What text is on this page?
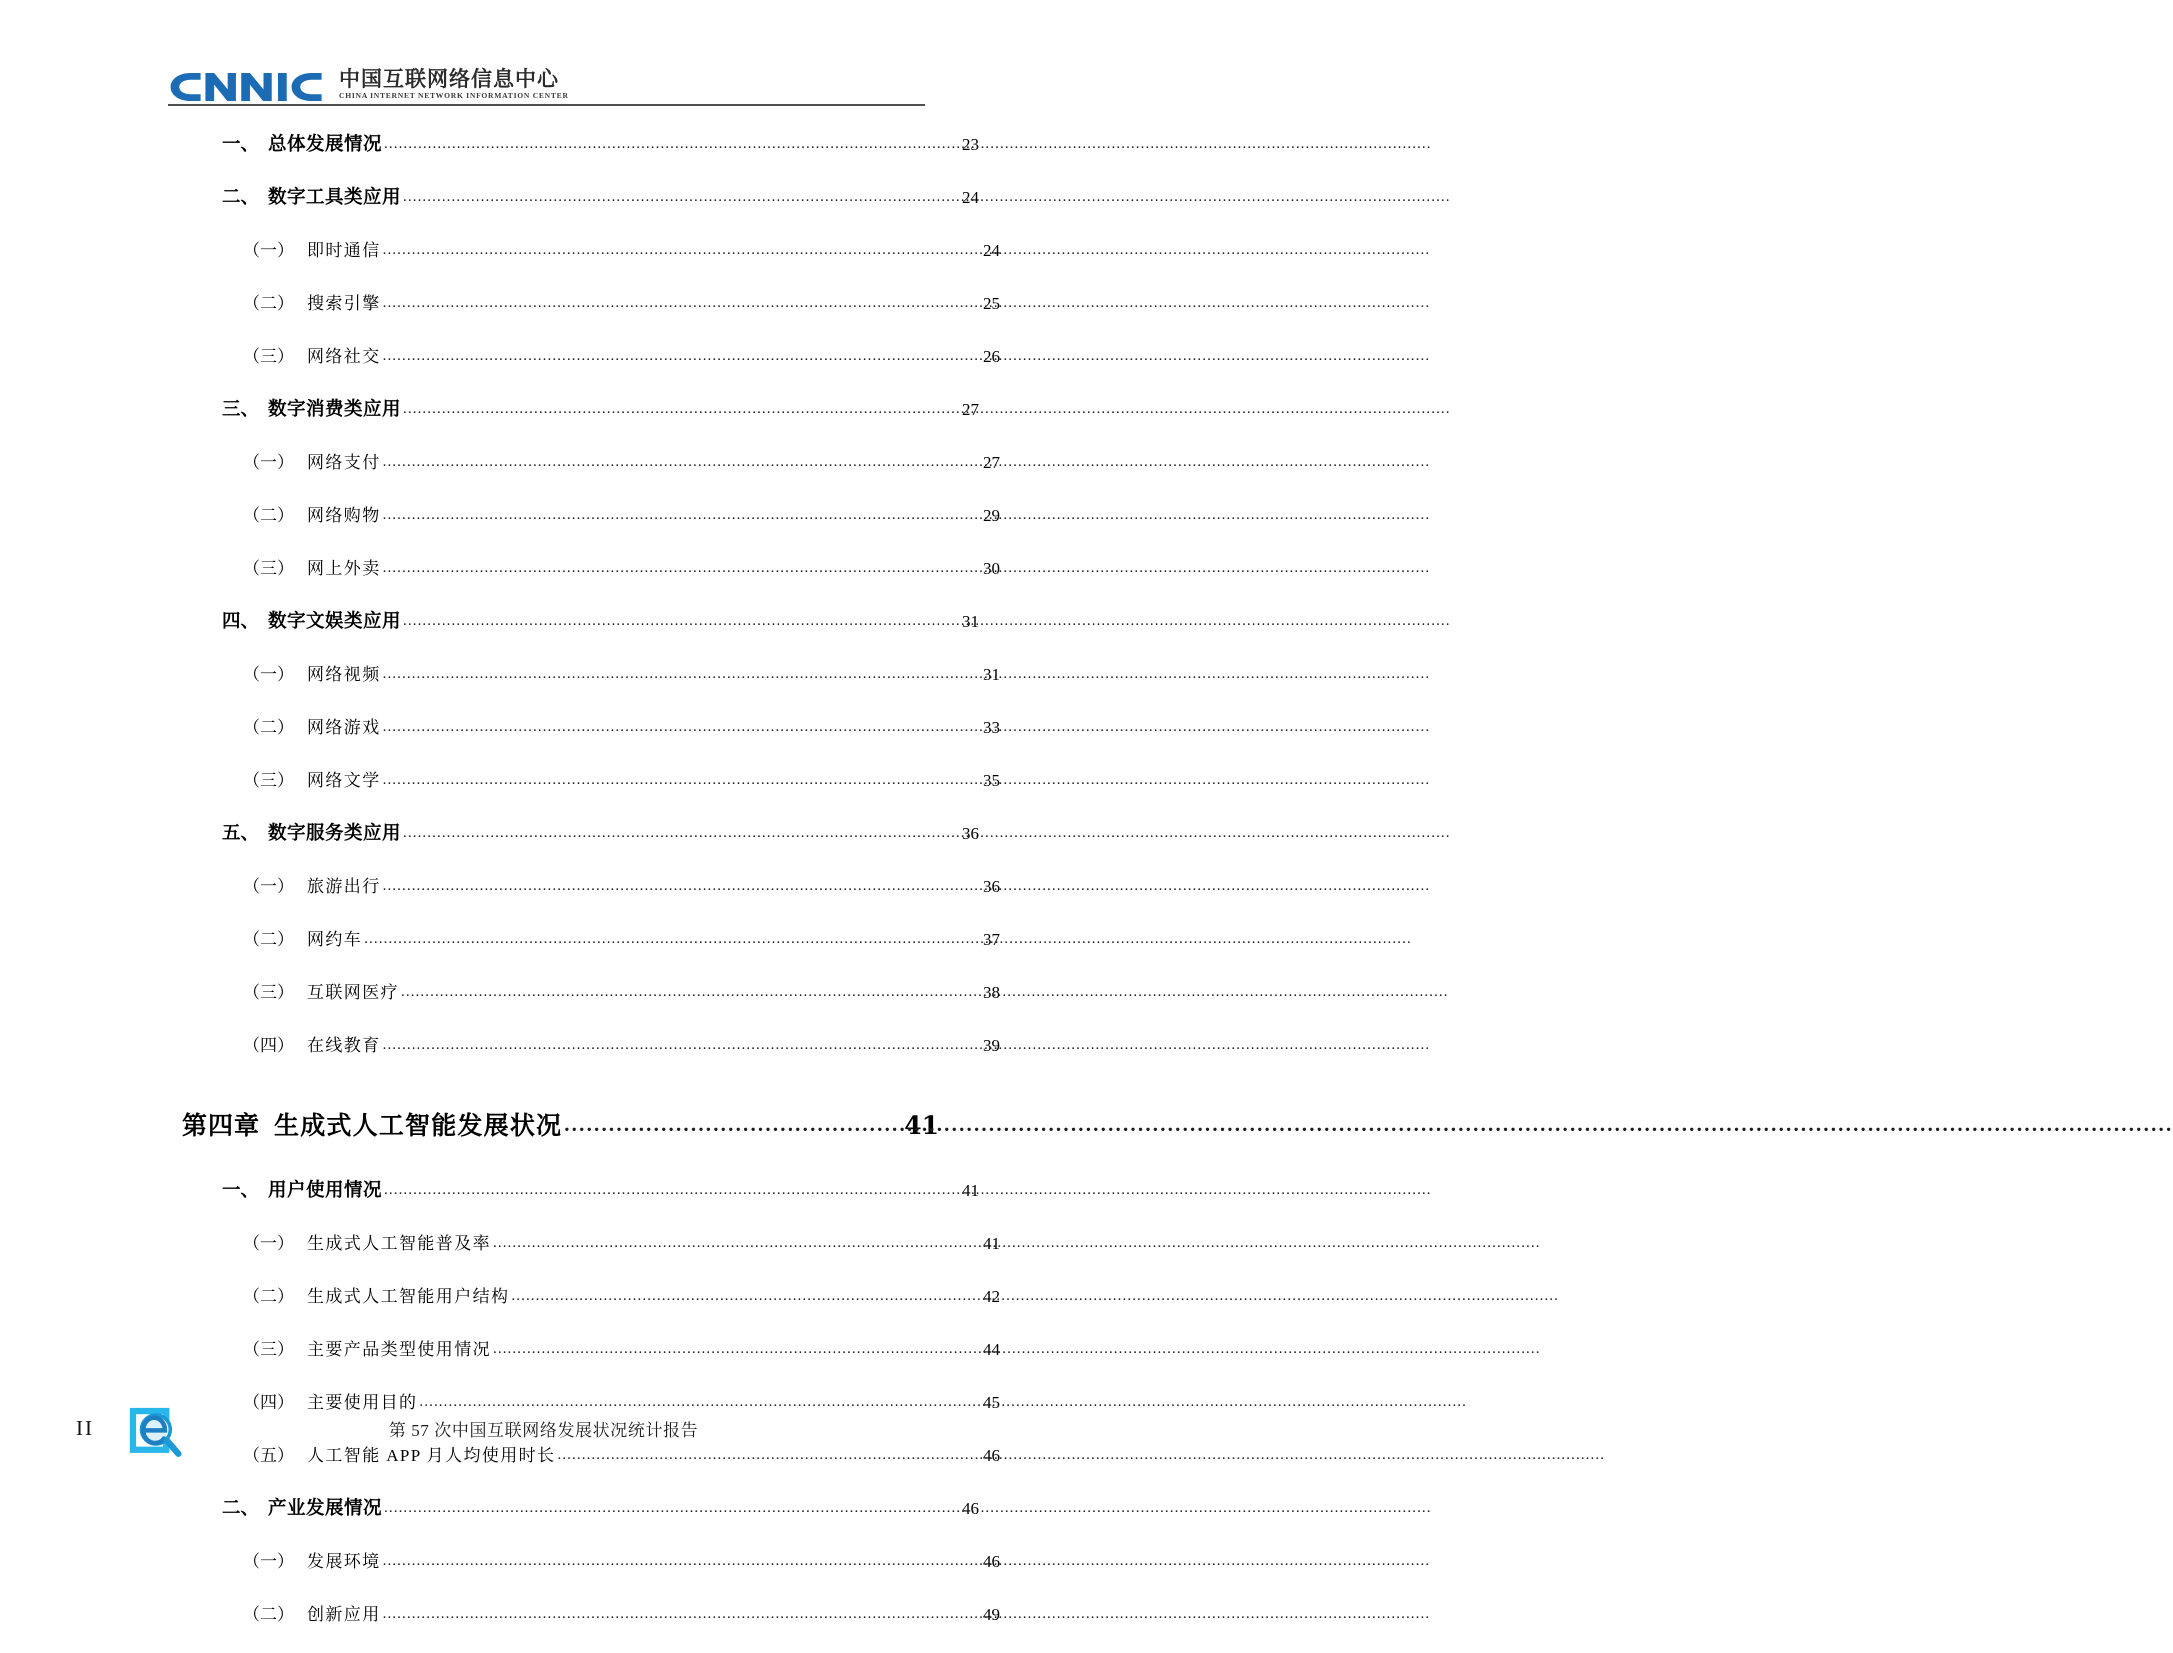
中国互联网络信息中心
CHINA INTERNET NETWORK INFORMATION CENTER
一、 总体发展情况 .....	23
二、 数字工具类应用 .....	24
（一） 即时通信 .....	24
（二） 搜索引擎 .....	25
（三） 网络社交 .....	26
三、 数字消费类应用 .....	27
（一） 网络支付 .....	27
（二） 网络购物 .....	29
（三） 网上外卖 .....	30
四、 数字文娱类应用 .....	31
（一） 网络视频 .....	31
（二） 网络游戏 .....	33
（三） 网络文学 .....	35
五、 数字服务类应用 .....	36
（一） 旅游出行 .....	36
（二） 网约车 .....	37
（三） 互联网医疗 .....	38
（四） 在线教育 .....	39
第四章 生成式人工智能发展状况 .....	41
一、 用户使用情况 .....	41
（一） 生成式人工智能普及率 .....	41
（二） 生成式人工智能用户结构 .....	42
（三） 主要产品类型使用情况 .....	44
（四） 主要使用目的 .....	45
（五） 人工智能 APP 月人均使用时长 .....	46
二、 产业发展情况 .....	46
（一） 发展环境 .....	46
（二） 创新应用 .....	49
II	第 57 次中国互联网络发展状况统计报告
